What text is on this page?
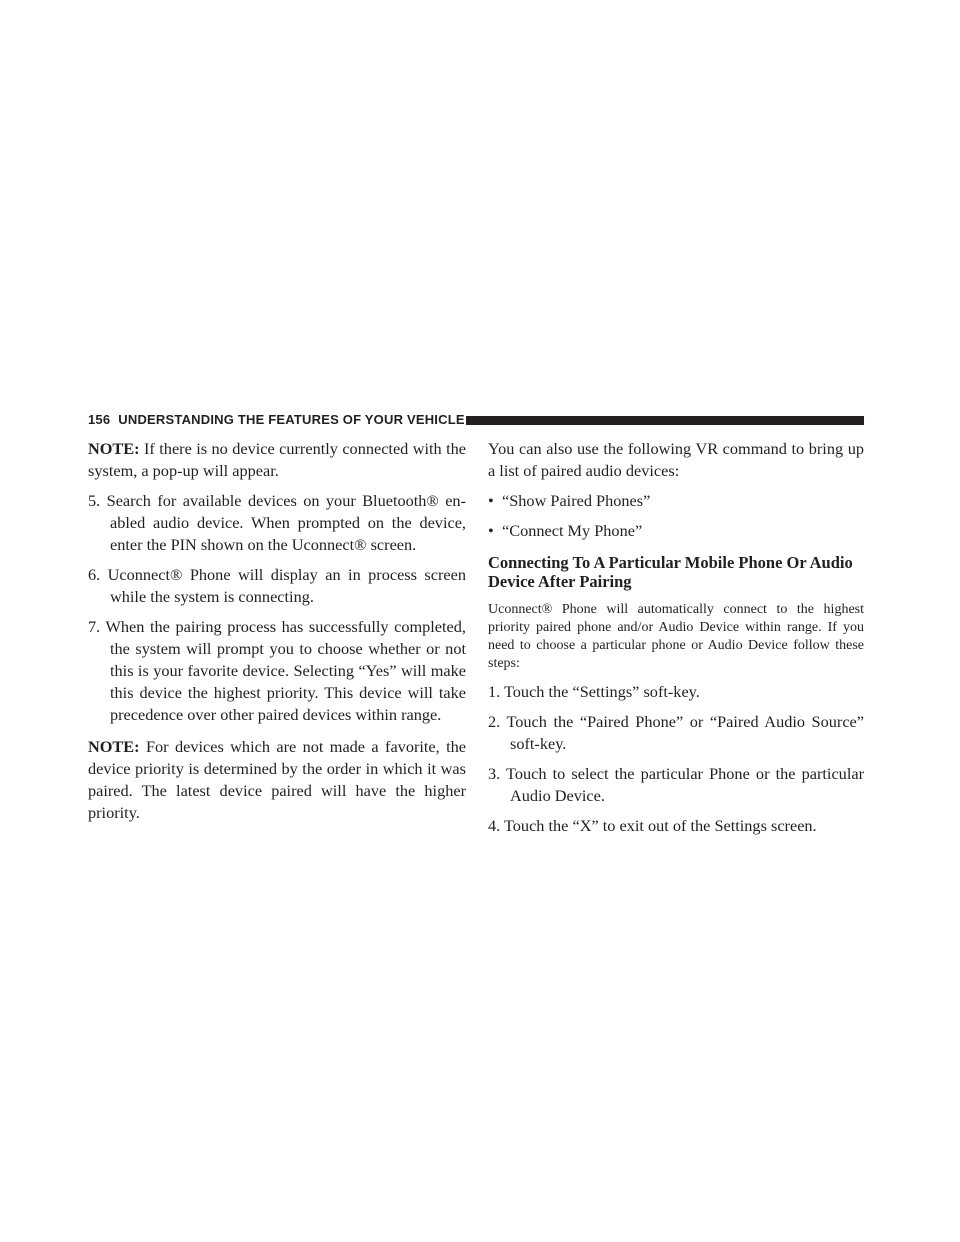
156 UNDERSTANDING THE FEATURES OF YOUR VEHICLE

NOTE: If there is no device currently connected with the system, a pop-up will appear.

5. Search for available devices on your Bluetooth® en-abled audio device. When prompted on the device, enter the PIN shown on the Uconnect® screen.

6. Uconnect® Phone will display an in process screen while the system is connecting.

7. When the pairing process has successfully completed, the system will prompt you to choose whether or not this is your favorite device. Selecting “Yes” will make this device the highest priority. This device will take precedence over other paired devices within range.

NOTE: For devices which are not made a favorite, the device priority is determined by the order in which it was paired. The latest device paired will have the higher priority.

You can also use the following VR command to bring up a list of paired audio devices:

• “Show Paired Phones”

• “Connect My Phone”

Connecting To A Particular Mobile Phone Or Audio Device After Pairing

Uconnect® Phone will automatically connect to the highest priority paired phone and/or Audio Device within range. If you need to choose a particular phone or Audio Device follow these steps:

1. Touch the “Settings” soft-key.

2. Touch the “Paired Phone” or “Paired Audio Source” soft-key.

3. Touch to select the particular Phone or the particular Audio Device.

4. Touch the “X” to exit out of the Settings screen.
